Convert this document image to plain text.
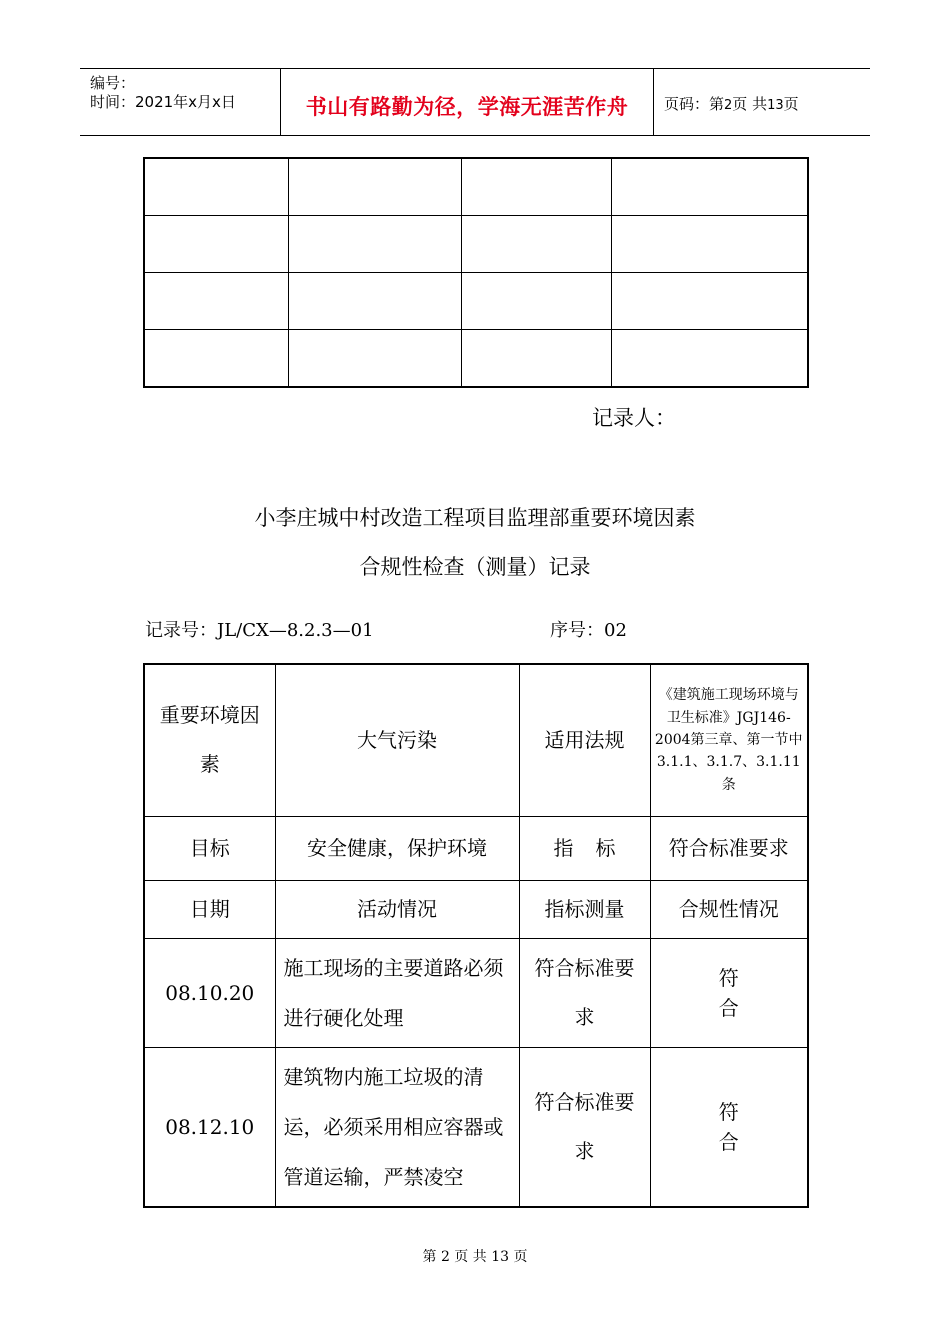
编号：
时间：2021年x月x日	书山有路勤为径，学海无涯苦作舟	页码：第2页 共13页

记录人：
小李庄城中村改造工程项目监理部重要环境因素
合规性检查（测量）记录
记录号：JL/CX—8.2.3—01	序号：02
重要环境因素	大气污染	适用法规	《建筑施工现场环境与卫生标准》JGJ146-2004第三章、第一节中3.1.1、3.1.7、3.1.11条
目标	安全健康，保护环境	指标	符合标准要求
日期	活动情况	指标测量	合规性情况
08.10.20	施工现场的主要道路必须进行硬化处理	符合标准要求	符合
08.12.10	建筑物内施工垃圾的清运，必须采用相应容器或管道运输，严禁凌空	符合标准要求	符合
第 2 页 共 13 页
